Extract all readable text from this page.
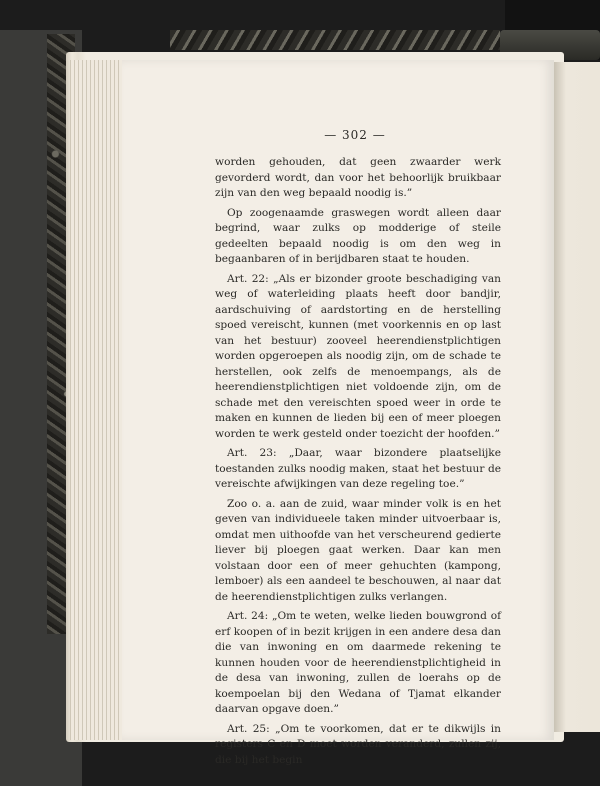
— 302 —

worden gehouden, dat geen zwaarder werk gevorderd wordt, dan voor het behoorlijk bruikbaar zijn van den weg bepaald noodig is.”

Op zoogenaamde graswegen wordt alleen daar begrind, waar zulks op modderige of steile gedeelten bepaald noodig is om den weg in begaanbaren of in berijdbaren staat te houden.

Art. 22: „Als er bizonder groote beschadiging van weg of waterleiding plaats heeft door bandjir, aardschuiving of aardstorting en de herstelling spoed vereischt, kunnen (met voorkennis en op last van het bestuur) zooveel heerendienstplichtigen worden opgeroepen als noodig zijn, om de schade te herstellen, ook zelfs de menoempangs, als de heerendienstplichtigen niet voldoende zijn, om de schade met den vereischten spoed weer in orde te maken en kunnen de lieden bij een of meer ploegen worden te werk gesteld onder toezicht der hoofden.”

Art. 23: „Daar, waar bizondere plaatselijke toestanden zulks noodig maken, staat het bestuur de vereischte afwijkingen van deze regeling toe.”

Zoo o. a. aan de zuid, waar minder volk is en het geven van individueele taken minder uitvoerbaar is, omdat men uithoofde van het verscheurend gedierte liever bij ploegen gaat werken. Daar kan men volstaan door een of meer gehuchten (kampong, lemboer) als een aandeel te beschouwen, al naar dat de heerendienstplichtigen zulks verlangen.

Art. 24: „Om te weten, welke lieden bouwgrond of erf koopen of in bezit krijgen in een andere desa dan die van inwoning en om daarmede rekening te kunnen houden voor de heerendienstplichtigheid in de desa van inwoning, zullen de loerahs op de koempoelan bij den Wedana of Tjamat elkander daarvan opgave doen.”

Art. 25: „Om te voorkomen, dat er te dikwijls in registers C en D moet worden veranderd, zullen zij, die bij het begin
